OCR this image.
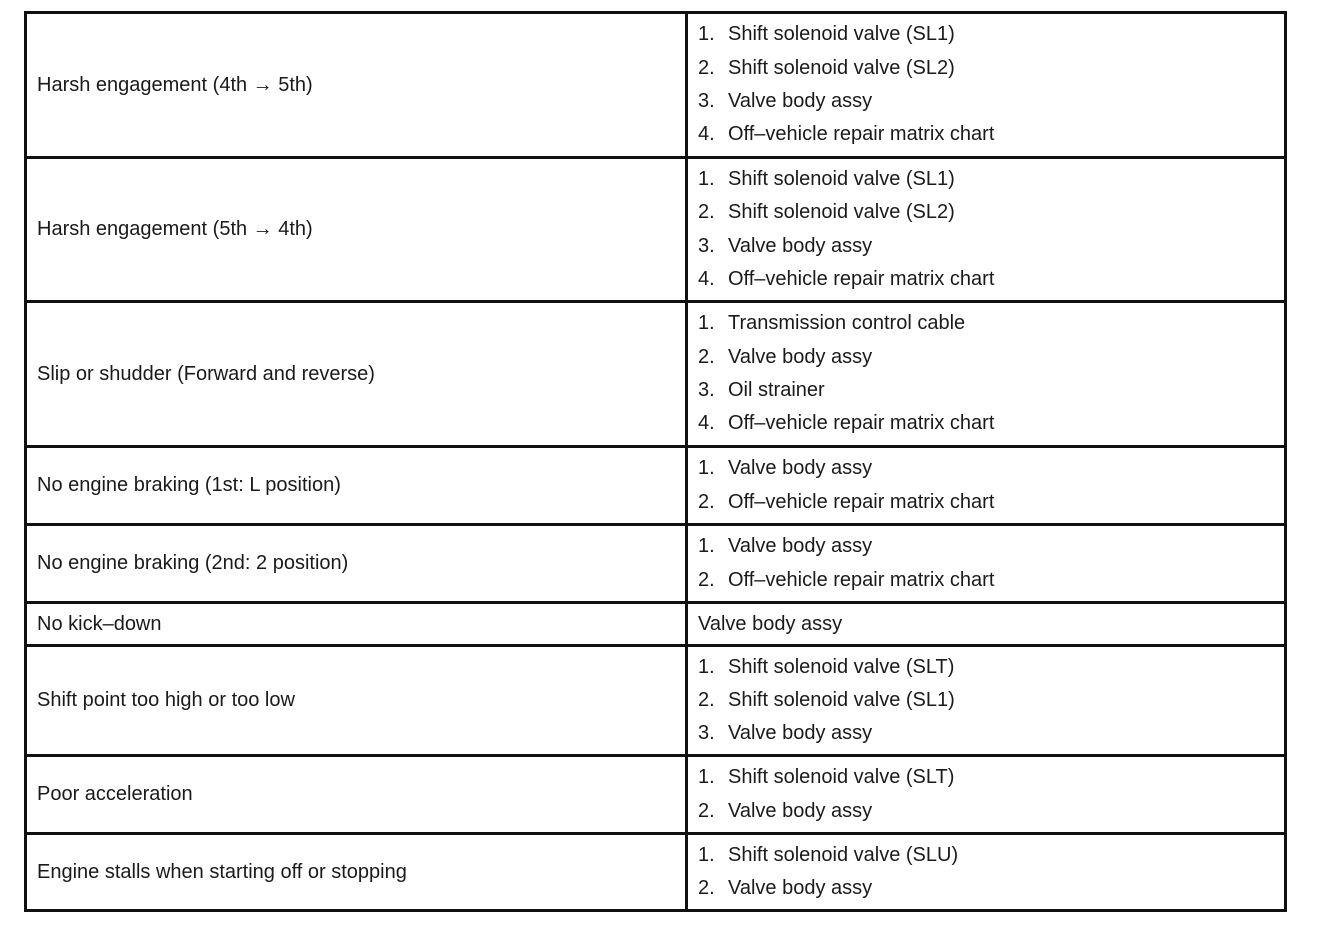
Harsh engagement (4th → 5th)	1. Shift solenoid valve (SL1)
2. Shift solenoid valve (SL2)
3. Valve body assy
4. Off–vehicle repair matrix chart

Harsh engagement (5th → 4th)	1. Shift solenoid valve (SL1)
2. Shift solenoid valve (SL2)
3. Valve body assy
4. Off–vehicle repair matrix chart

Slip or shudder (Forward and reverse)	1. Transmission control cable
2. Valve body assy
3. Oil strainer
4. Off–vehicle repair matrix chart

No engine braking (1st: L position)	1. Valve body assy
2. Off–vehicle repair matrix chart

No engine braking (2nd: 2 position)	1. Valve body assy
2. Off–vehicle repair matrix chart

No kick–down	Valve body assy
Shift point too high or too low	1. Shift solenoid valve (SLT)
2. Shift solenoid valve (SL1)
3. Valve body assy

Poor acceleration	1. Shift solenoid valve (SLT)
2. Valve body assy

Engine stalls when starting off or stopping	1. Shift solenoid valve (SLU)
2. Valve body assy
